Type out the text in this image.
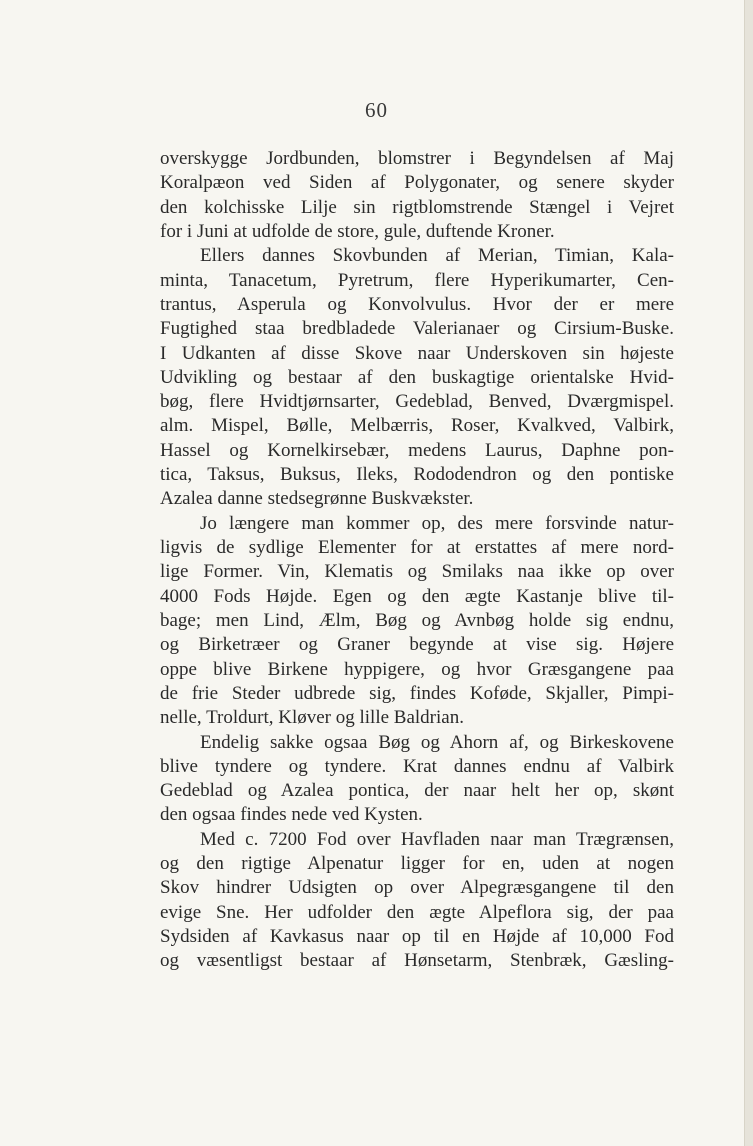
60
overskygge Jordbunden, blomstrer i Begyndelsen af Maj
Koralpæon ved Siden af Polygonater, og senere skyder
den kolchisske Lilje sin rigtblomstrende Stængel i Vejret
for i Juni at udfolde de store, gule, duftende Kroner.
Ellers dannes Skovbunden af Merian, Timian, Kala-
minta, Tanacetum, Pyretrum, flere Hyperikumarter, Cen-
trantus, Asperula og Konvolvulus. Hvor der er mere
Fugtighed staa bredbladede Valerianaer og Cirsium-Buske.
I Udkanten af disse Skove naar Underskoven sin højeste
Udvikling og bestaar af den buskagtige orientalske Hvid-
bøg, flere Hvidtjørnsarter, Gedeblad, Benved, Dværgmispel.
alm. Mispel, Bølle, Melbærris, Roser, Kvalkved, Valbirk,
Hassel og Kornelkirsebær, medens Laurus, Daphne pon-
tica, Taksus, Buksus, Ileks, Rododendron og den pontiske
Azalea danne stedsegrønne Buskvækster.
Jo længere man kommer op, des mere forsvinde natur-
ligvis de sydlige Elementer for at erstattes af mere nord-
lige Former. Vin, Klematis og Smilaks naa ikke op over
4000 Fods Højde. Egen og den ægte Kastanje blive til-
bage; men Lind, Ælm, Bøg og Avnbøg holde sig endnu,
og Birketræer og Graner begynde at vise sig. Højere
oppe blive Birkene hyppigere, og hvor Græsgangene paa
de frie Steder udbrede sig, findes Koføde, Skjaller, Pimpi-
nelle, Troldurt, Kløver og lille Baldrian.
Endelig sakke ogsaa Bøg og Ahorn af, og Birkeskovene
blive tyndere og tyndere. Krat dannes endnu af Valbirk
Gedeblad og Azalea pontica, der naar helt her op, skønt
den ogsaa findes nede ved Kysten.
Med c. 7200 Fod over Havfladen naar man Trægrænsen,
og den rigtige Alpenatur ligger for en, uden at nogen
Skov hindrer Udsigten op over Alpegræsgangene til den
evige Sne. Her udfolder den ægte Alpeflora sig, der paa
Sydsiden af Kavkasus naar op til en Højde af 10,000 Fod
og væsentligst bestaar af Hønsetarm, Stenbræk, Gæsling-
